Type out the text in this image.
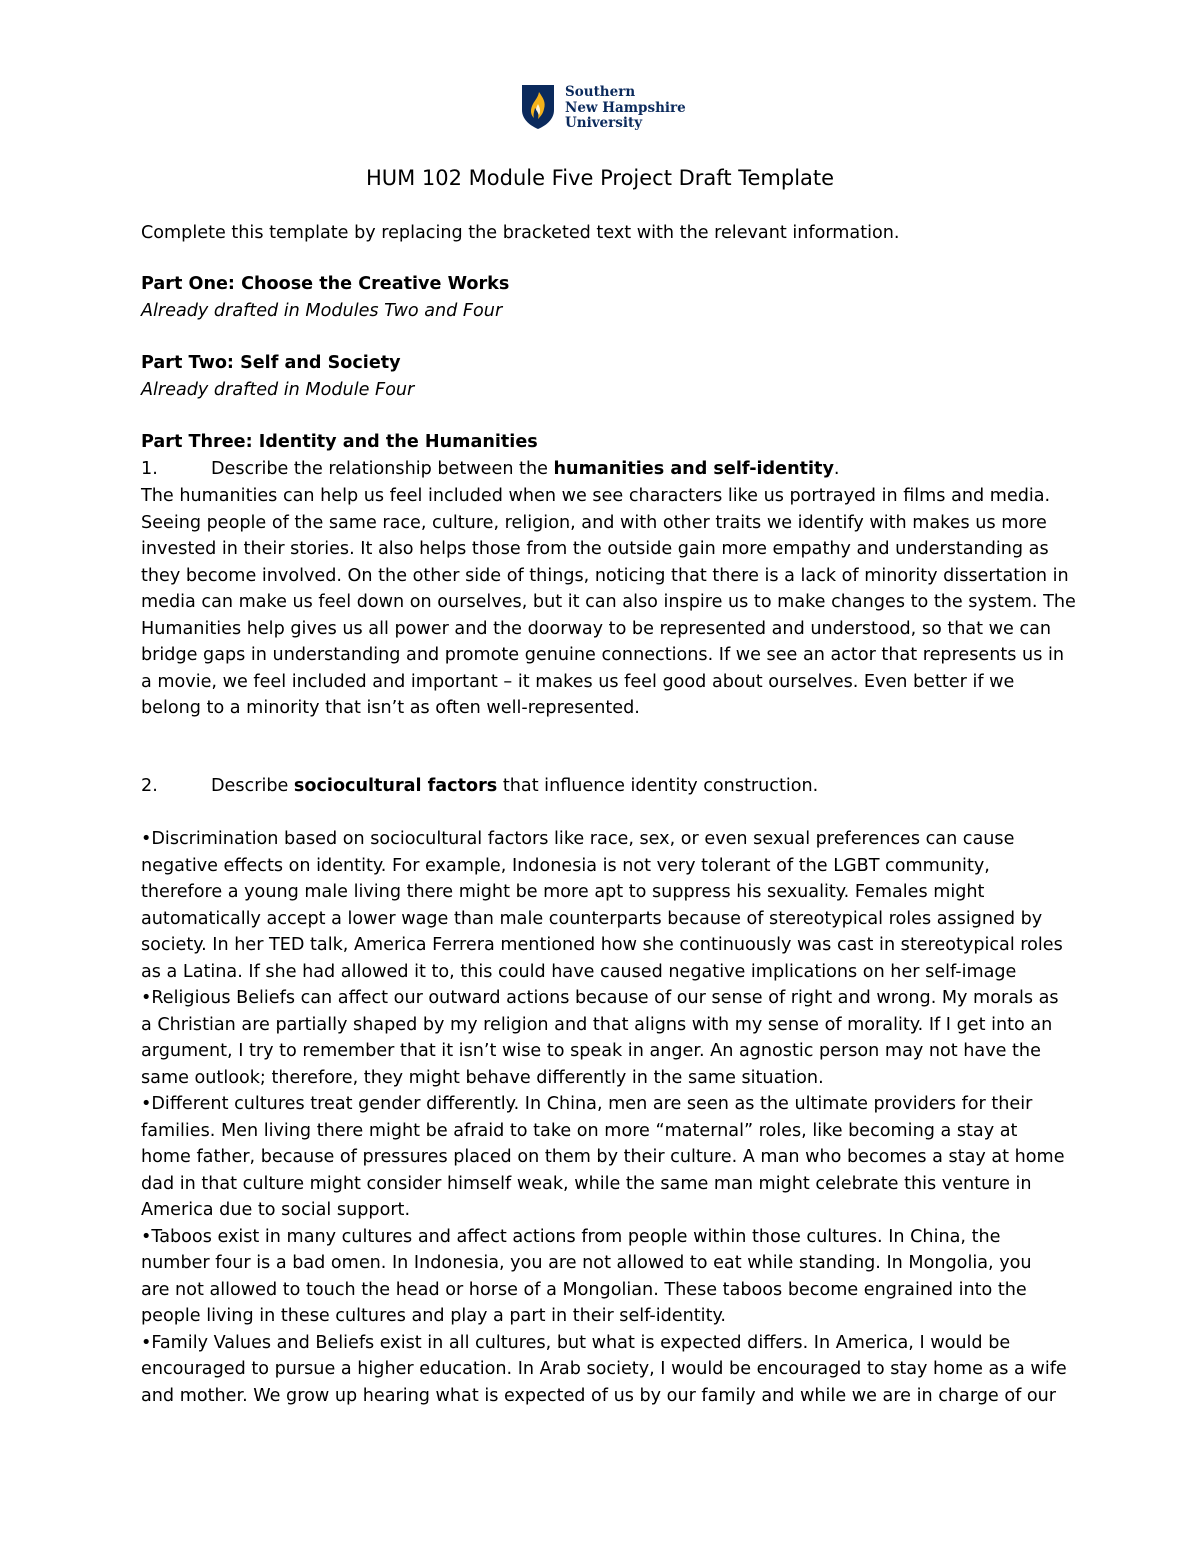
Southern
New Hampshire
University
HUM 102 Module Five Project Draft Template
Complete this template by replacing the bracketed text with the relevant information.
Part One: Choose the Creative Works
Already drafted in Modules Two and Four
Part Two: Self and Society
Already drafted in Module Four
Part Three: Identity and the Humanities
1.	Describe the relationship between the humanities and self-identity.
The humanities can help us feel included when we see characters like us portrayed in films and media.
Seeing people of the same race, culture, religion, and with other traits we identify with makes us more
invested in their stories. It also helps those from the outside gain more empathy and understanding as
they become involved. On the other side of things, noticing that there is a lack of minority dissertation in
media can make us feel down on ourselves, but it can also inspire us to make changes to the system. The
Humanities help gives us all power and the doorway to be represented and understood, so that we can
bridge gaps in understanding and promote genuine connections. If we see an actor that represents us in
a movie, we feel included and important – it makes us feel good about ourselves. Even better if we
belong to a minority that isn’t as often well-represented.
2.	Describe sociocultural factors that influence identity construction.
•Discrimination based on sociocultural factors like race, sex, or even sexual preferences can cause
negative effects on identity. For example, Indonesia is not very tolerant of the LGBT community,
therefore a young male living there might be more apt to suppress his sexuality. Females might
automatically accept a lower wage than male counterparts because of stereotypical roles assigned by
society. In her TED talk, America Ferrera mentioned how she continuously was cast in stereotypical roles
as a Latina. If she had allowed it to, this could have caused negative implications on her self-image
•Religious Beliefs can affect our outward actions because of our sense of right and wrong. My morals as
a Christian are partially shaped by my religion and that aligns with my sense of morality. If I get into an
argument, I try to remember that it isn’t wise to speak in anger. An agnostic person may not have the
same outlook; therefore, they might behave differently in the same situation.
•Different cultures treat gender differently. In China, men are seen as the ultimate providers for their
families. Men living there might be afraid to take on more “maternal” roles, like becoming a stay at
home father, because of pressures placed on them by their culture. A man who becomes a stay at home
dad in that culture might consider himself weak, while the same man might celebrate this venture in
America due to social support.
•Taboos exist in many cultures and affect actions from people within those cultures. In China, the
number four is a bad omen. In Indonesia, you are not allowed to eat while standing. In Mongolia, you
are not allowed to touch the head or horse of a Mongolian. These taboos become engrained into the
people living in these cultures and play a part in their self-identity.
•Family Values and Beliefs exist in all cultures, but what is expected differs. In America, I would be
encouraged to pursue a higher education. In Arab society, I would be encouraged to stay home as a wife
and mother. We grow up hearing what is expected of us by our family and while we are in charge of our
